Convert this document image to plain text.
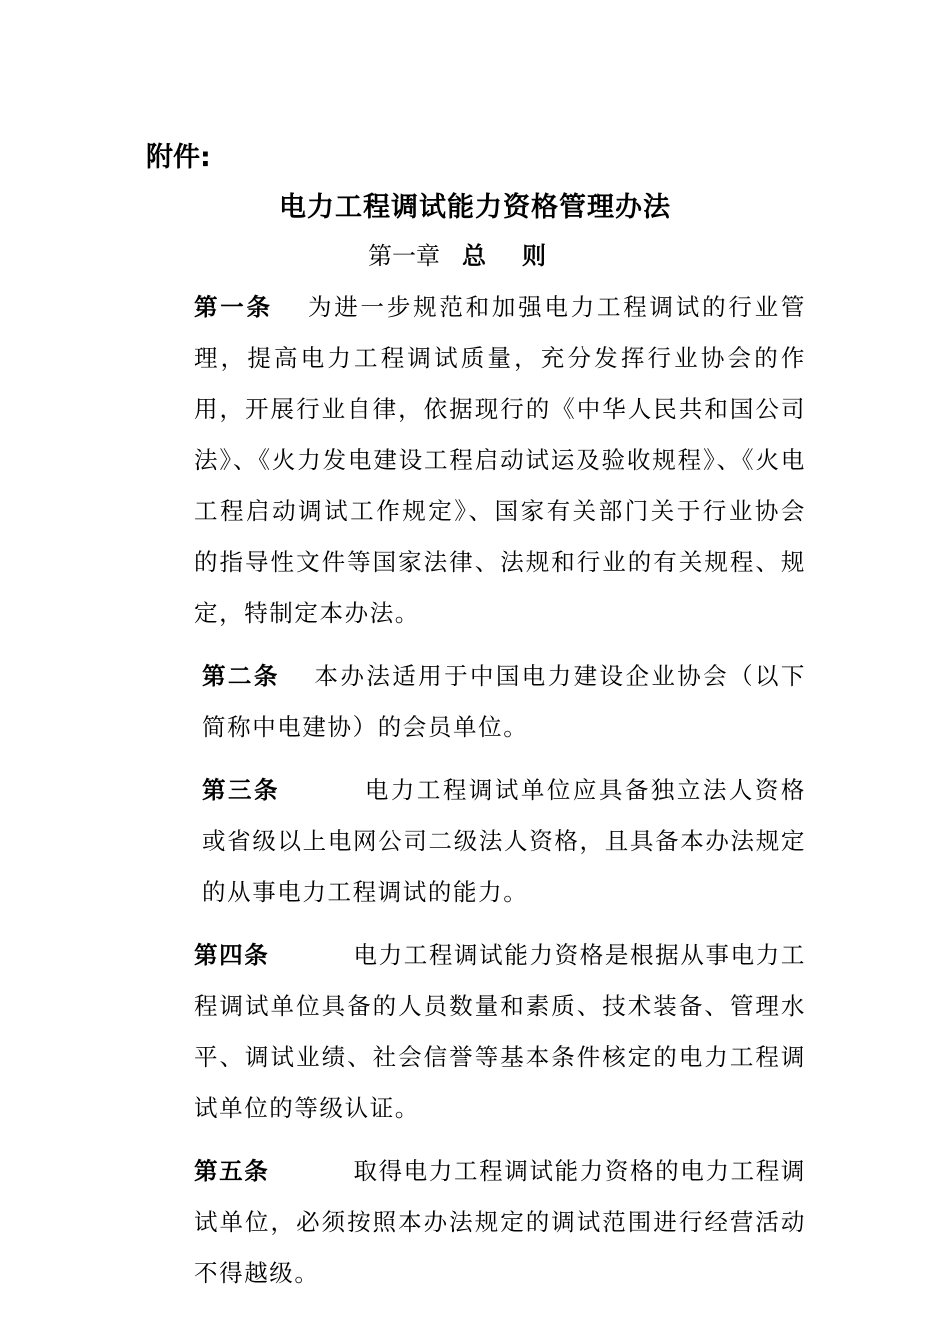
附件:
电力工程调试能力资格管理办法
第一章 总则

第一条 为进一步规范和加强电力工程调试的行业管理，提高电力工程调试质量，充分发挥行业协会的作用，开展行业自律，依据现行的《中华人民共和国公司法》、《火力发电建设工程启动试运及验收规程》、《火电工程启动调试工作规定》、国家有关部门关于行业协会的指导性文件等国家法律、法规和行业的有关规程、规定，特制定本办法。

第二条 本办法适用于中国电力建设企业协会（以下简称中电建协）的会员单位。

第三条	电力工程调试单位应具备独立法人资格或省级以上电网公司二级法人资格，且具备本办法规定的从事电力工程调试的能力。

第四条	电力工程调试能力资格是根据从事电力工程调试单位具备的人员数量和素质、技术装备、管理水平、调试业绩、社会信誉等基本条件核定的电力工程调试单位的等级认证。

第五条	取得电力工程调试能力资格的电力工程调试单位，必须按照本办法规定的调试范围进行经营活动不得越级。
